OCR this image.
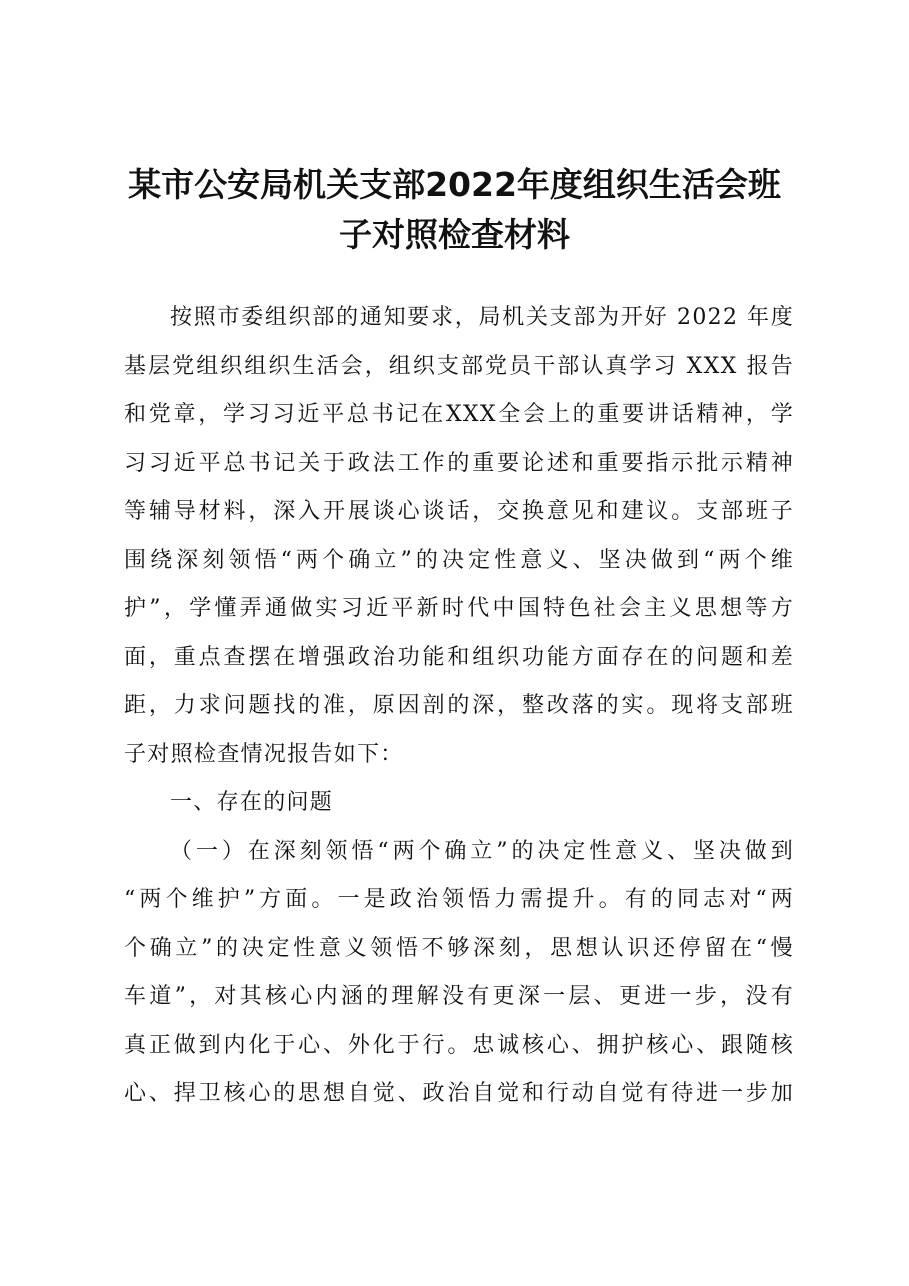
某市公安局机关支部2022年度组织生活会班
子对照检查材料
按照市委组织部的通知要求，局机关支部为开好 2022 年度
基层党组织组织生活会，组织支部党员干部认真学习 XXX 报告
和党章，学习习近平总书记在XXX全会上的重要讲话精神，学
习习近平总书记关于政法工作的重要论述和重要指示批示精神
等辅导材料，深入开展谈心谈话，交换意见和建议。支部班子
围绕深刻领悟“两个确立”的决定性意义、坚决做到“两个维
护”，学懂弄通做实习近平新时代中国特色社会主义思想等方
面，重点查摆在增强政治功能和组织功能方面存在的问题和差
距，力求问题找的准，原因剖的深，整改落的实。现将支部班
子对照检查情况报告如下：
一、存在的问题
（一）在深刻领悟“两个确立”的决定性意义、坚决做到
“两个维护”方面。一是政治领悟力需提升。有的同志对“两
个确立”的决定性意义领悟不够深刻，思想认识还停留在“慢
车道”，对其核心内涵的理解没有更深一层、更进一步，没有
真正做到内化于心、外化于行。忠诚核心、拥护核心、跟随核
心、捍卫核心的思想自觉、政治自觉和行动自觉有待进一步加
